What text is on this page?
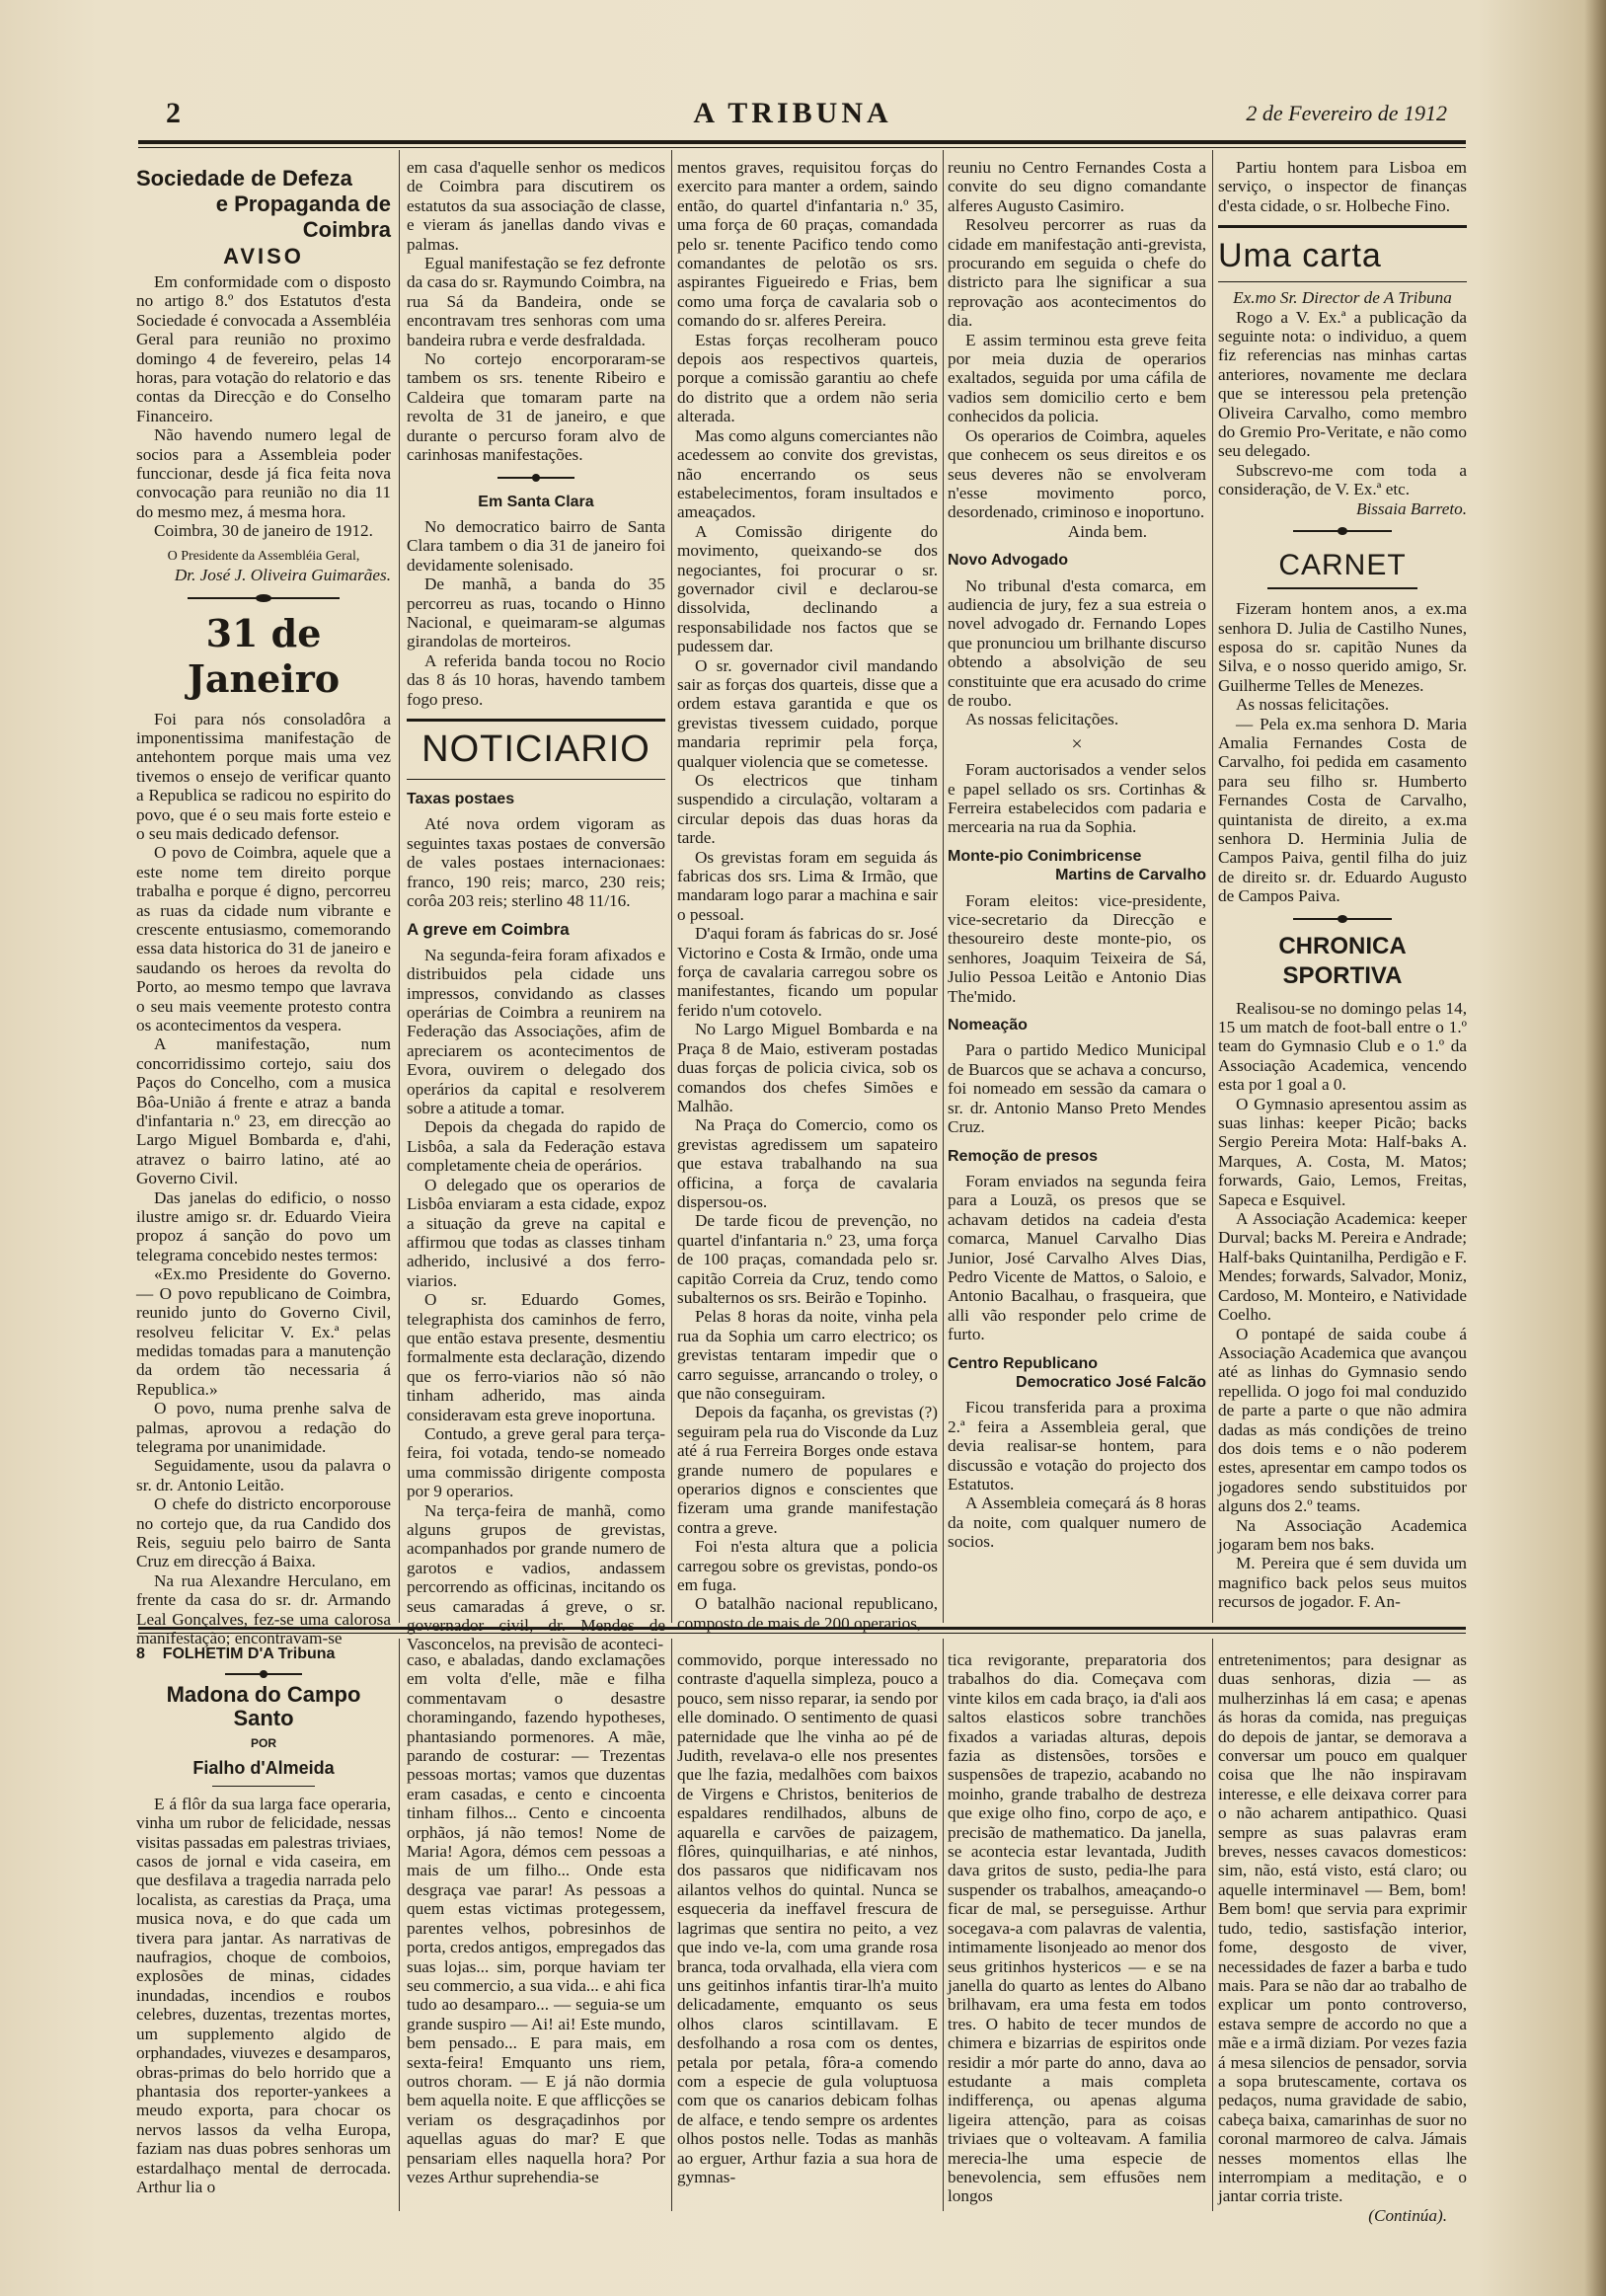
2	A TRIBUNA	2 de Fevereiro de 1912

Sociedade de Defeza

e Propaganda de Coimbra

AVISO

Em conformidade com o disposto no artigo 8.º dos Estatutos d'esta Sociedade é convocada a Assembléia Geral para reunião no proximo domingo 4 de fevereiro, pelas 14 horas, para votação do relatorio e das contas da Direcção e do Conselho Financeiro.

Não havendo numero legal de socios para a Assembleia poder funccionar, desde já fica feita nova convocação para reunião no dia 11 do mesmo mez, á mesma hora.

Coimbra, 30 de janeiro de 1912.

O Presidente da Assembléia Geral,

Dr. José J. Oliveira Guimarães.

31 de Janeiro

Foi para nós consoladôra a imponentissima manifestação de antehontem porque mais uma vez tivemos o ensejo de verificar quanto a Republica se radicou no espirito do povo, que é o seu mais forte esteio e o seu mais dedicado defensor.

O povo de Coimbra, aquele que a este nome tem direito porque trabalha e porque é digno, percorreu as ruas da cidade num vibrante e crescente entusiasmo, comemorando essa data historica do 31 de janeiro e saudando os heroes da revolta do Porto, ao mesmo tempo que lavrava o seu mais veemente protesto contra os acontecimentos da vespera.

A manifestação, num concorridissimo cortejo, saiu dos Paços do Concelho, com a musica Bôa-União á frente e atraz a banda d'infantaria n.º 23, em direcção ao Largo Miguel Bombarda e, d'ahi, atravez o bairro latino, até ao Governo Civil.

Das janelas do edificio, o nosso ilustre amigo sr. dr. Eduardo Vieira propoz á sanção do povo um telegrama concebido nestes termos:

«Ex.mo Presidente do Governo. — O povo republicano de Coimbra, reunido junto do Governo Civil, resolveu felicitar V. Ex.ª pelas medidas tomadas para a manutenção da ordem tão necessaria á Republica.»

O povo, numa prenhe salva de palmas, aprovou a redação do telegrama por unanimidade.

Seguidamente, usou da palavra o sr. dr. Antonio Leitão.

O chefe do districto encorporouse no cortejo que, da rua Candido dos Reis, seguiu pelo bairro de Santa Cruz em direcção á Baixa.

Na rua Alexandre Herculano, em frente da casa do sr. dr. Armando Leal Gonçalves, fez-se uma calorosa manifestação; encontravam-se

em casa d'aquelle senhor os medicos de Coimbra para discutirem os estatutos da sua associação de classe, e vieram ás janellas dando vivas e palmas.

Egual manifestação se fez defronte da casa do sr. Raymundo Coimbra, na rua Sá da Bandeira, onde se encontravam tres senhoras com uma bandeira rubra e verde desfraldada.

No cortejo encorporaram-se tambem os srs. tenente Ribeiro e Caldeira que tomaram parte na revolta de 31 de janeiro, e que durante o percurso foram alvo de carinhosas manifestações.

Em Santa Clara

No democratico bairro de Santa Clara tambem o dia 31 de janeiro foi devidamente solenisado.

De manhã, a banda do 35 percorreu as ruas, tocando o Hinno Nacional, e queimaram-se algumas girandolas de morteiros.

A referida banda tocou no Rocio das 8 ás 10 horas, havendo tambem fogo preso.

NOTICIARIO

Taxas postaes

Até nova ordem vigoram as seguintes taxas postaes de conversão de vales postaes internacionaes: franco, 190 reis; marco, 230 reis; corôa 203 reis; sterlino 48 11/16.

A greve em Coimbra

Na segunda-feira foram afixados e distribuidos pela cidade uns impressos, convidando as classes operárias de Coimbra a reunirem na Federação das Associações, afim de apreciarem os acontecimentos de Evora, ouvirem o delegado dos operários da capital e resolverem sobre a atitude a tomar.

Depois da chegada do rapido de Lisbôa, a sala da Federação estava completamente cheia de operários.

O delegado que os operarios de Lisbôa enviaram a esta cidade, expoz a situação da greve na capital e affirmou que todas as classes tinham adherido, inclusivé a dos ferro-viarios.

O sr. Eduardo Gomes, telegraphista dos caminhos de ferro, que então estava presente, desmentiu formalmente esta declaração, dizendo que os ferro-viarios não só não tinham adherido, mas ainda consideravam esta greve inoportuna.

Contudo, a greve geral para terça-feira, foi votada, tendo-se nomeado uma commissão dirigente composta por 9 operarios.

Na terça-feira de manhã, como alguns grupos de grevistas, acompanhados por grande numero de garotos e vadios, andassem percorrendo as officinas, incitando os seus camaradas á greve, o sr. governador civil, dr. Mendes de Vasconcelos, na previsão de aconteci-

mentos graves, requisitou forças do exercito para manter a ordem, saindo então, do quartel d'infantaria n.º 35, uma força de 60 praças, comandada pelo sr. tenente Pacifico tendo como comandantes de pelotão os srs. aspirantes Figueiredo e Frias, bem como uma força de cavalaria sob o comando do sr. alferes Pereira.

Estas forças recolheram pouco depois aos respectivos quarteis, porque a comissão garantiu ao chefe do distrito que a ordem não seria alterada.

Mas como alguns comerciantes não acedessem ao convite dos grevistas, não encerrando os seus estabelecimentos, foram insultados e ameaçados.

A Comissão dirigente do movimento, queixando-se dos negociantes, foi procurar o sr. governador civil e declarou-se dissolvida, declinando a responsabilidade nos factos que se pudessem dar.

O sr. governador civil mandando sair as forças dos quarteis, disse que a ordem estava garantida e que os grevistas tivessem cuidado, porque mandaria reprimir pela força, qualquer violencia que se cometesse.

Os electricos que tinham suspendido a circulação, voltaram a circular depois das duas horas da tarde.

Os grevistas foram em seguida ás fabricas dos srs. Lima & Irmão, que mandaram logo parar a machina e sair o pessoal.

D'aqui foram ás fabricas do sr. José Victorino e Costa & Irmão, onde uma força de cavalaria carregou sobre os manifestantes, ficando um popular ferido n'um cotovelo.

No Largo Miguel Bombarda e na Praça 8 de Maio, estiveram postadas duas forças de policia civica, sob os comandos dos chefes Simões e Malhão.

Na Praça do Comercio, como os grevistas agredissem um sapateiro que estava trabalhando na sua officina, a força de cavalaria dispersou-os.

De tarde ficou de prevenção, no quartel d'infantaria n.º 23, uma força de 100 praças, comandada pelo sr. capitão Correia da Cruz, tendo como subalternos os srs. Beirão e Topinho.

Pelas 8 horas da noite, vinha pela rua da Sophia um carro electrico; os grevistas tentaram impedir que o carro seguisse, arrancando o troley, o que não conseguiram.

Depois da façanha, os grevistas (?) seguiram pela rua do Visconde da Luz até á rua Ferreira Borges onde estava grande numero de populares e operarios dignos e conscientes que fizeram uma grande manifestação contra a greve.

Foi n'esta altura que a policia carregou sobre os grevistas, pondo-os em fuga.

O batalhão nacional republicano, composto de mais de 200 operarios,

reuniu no Centro Fernandes Costa a convite do seu digno comandante alferes Augusto Casimiro.

Resolveu percorrer as ruas da cidade em manifestação anti-grevista, procurando em seguida o chefe do districto para lhe significar a sua reprovação aos acontecimentos do dia.

E assim terminou esta greve feita por meia duzia de operarios exaltados, seguida por uma cáfila de vadios sem domicilio certo e bem conhecidos da policia.

Os operarios de Coimbra, aqueles que conhecem os seus direitos e os seus deveres não se envolveram n'esse movimento porco, desordenado, criminoso e inoportuno.

Ainda bem.

Novo Advogado

No tribunal d'esta comarca, em audiencia de jury, fez a sua estreia o novel advogado dr. Fernando Lopes que pronunciou um brilhante discurso obtendo a absolvição de seu constituinte que era acusado do crime de roubo.

As nossas felicitações.

×

Foram auctorisados a vender selos e papel sellado os srs. Cortinhas & Ferreira estabelecidos com padaria e mercearia na rua da Sophia.

Monte-pio Conimbricense

Martins de Carvalho

Foram eleitos: vice-presidente, vice-secretario da Direcção e thesoureiro deste monte-pio, os senhores, Joaquim Teixeira de Sá, Julio Pessoa Leitão e Antonio Dias The'mido.

Nomeação

Para o partido Medico Municipal de Buarcos que se achava a concurso, foi nomeado em sessão da camara o sr. dr. Antonio Manso Preto Mendes Cruz.

Remoção de presos

Foram enviados na segunda feira para a Louzã, os presos que se achavam detidos na cadeia d'esta comarca, Manuel Carvalho Dias Junior, José Carvalho Alves Dias, Pedro Vicente de Mattos, o Saloio, e Antonio Bacalhau, o frasqueira, que alli vão responder pelo crime de furto.

Centro Republicano

Democratico José Falcão

Ficou transferida para a proxima 2.ª feira a Assembleia geral, que devia realisar-se hontem, para discussão e votação do projecto dos Estatutos.

A Assembleia começará ás 8 horas da noite, com qualquer numero de socios.

Partiu hontem para Lisboa em serviço, o inspector de finanças d'esta cidade, o sr. Holbeche Fino.

Uma carta

Ex.mo Sr. Director de A Tribuna

Rogo a V. Ex.ª a publicação da seguinte nota: o individuo, a quem fiz referencias nas minhas cartas anteriores, novamente me declara que se interessou pela pretenção Oliveira Carvalho, como membro do Gremio Pro-Veritate, e não como seu delegado.

Subscrevo-me com toda a consideração, de V. Ex.ª etc.

Bissaia Barreto.

CARNET

Fizeram hontem anos, a ex.ma senhora D. Julia de Castilho Nunes, esposa do sr. capitão Nunes da Silva, e o nosso querido amigo, Sr. Guilherme Telles de Menezes.

As nossas felicitações.

— Pela ex.ma senhora D. Maria Amalia Fernandes Costa de Carvalho, foi pedida em casamento para seu filho sr. Humberto Fernandes Costa de Carvalho, quintanista de direito, a ex.ma senhora D. Herminia Julia de Campos Paiva, gentil filha do juiz de direito sr. dr. Eduardo Augusto de Campos Paiva.

CHRONICA SPORTIVA

Realisou-se no domingo pelas 14, 15 um match de foot-ball entre o 1.º team do Gymnasio Club e o 1.º da Associação Academica, vencendo esta por 1 goal a 0.

O Gymnasio apresentou assim as suas linhas: keeper Picão; backs Sergio Pereira Mota: Half-baks A. Marques, A. Costa, M. Matos; forwards, Gaio, Lemos, Freitas, Sapeca e Esquivel.

A Associação Academica: keeper Durval; backs M. Pereira e Andrade; Half-baks Quintanilha, Perdigão e F. Mendes; forwards, Salvador, Moniz, Cardoso, M. Monteiro, e Natividade Coelho.

O pontapé de saida coube á Associação Academica que avançou até as linhas do Gymnasio sendo repellida. O jogo foi mal conduzido de parte a parte o que não admira dadas as más condições de treino dos dois tems e o não poderem estes, apresentar em campo todos os jogadores sendo substituidos por alguns dos 2.º teams.

Na Associação Academica jogaram bem nos baks.

M. Pereira que é sem duvida um magnifico back pelos seus muitos recursos de jogador. F. An-

8 FOLHETIM D'A Tribuna

Madona do Campo Santo

POR

Fialho d'Almeida

E á flôr da sua larga face operaria, vinha um rubor de felicidade, nessas visitas passadas em palestras triviaes, casos de jornal e vida caseira, em que desfilava a tragedia narrada pelo localista, as carestias da Praça, uma musica nova, e do que cada um tivera para jantar. As narrativas de naufragios, choque de comboios, explosões de minas, cidades inundadas, incendios e roubos celebres, duzentas, trezentas mortes, um supplemento algido de orphandades, viuvezes e desamparos, obras-primas do belo horrido que a phantasia dos reporter-yankees a meudo exporta, para chocar os nervos lassos da velha Europa, faziam nas duas pobres senhoras um estardalhaço mental de derrocada. Arthur lia o

caso, e abaladas, dando exclamações em volta d'elle, mãe e filha commentavam o desastre choramingando, fazendo hypotheses, phantasiando pormenores. A mãe, parando de costurar: — Trezentas pessoas mortas; vamos que duzentas eram casadas, e cento e cincoenta tinham filhos... Cento e cincoenta orphãos, já não temos! Nome de Maria! Agora, démos cem pessoas a mais de um filho... Onde esta desgraça vae parar! As pessoas a quem estas victimas protegessem, parentes velhos, pobresinhos de porta, credos antigos, empregados das suas lojas... sim, porque haviam ter seu commercio, a sua vida... e ahi fica tudo ao desamparo... — seguia-se um grande suspiro — Ai! ai! Este mundo, bem pensado... E para mais, em sexta-feira! Emquanto uns riem, outros choram. — E já não dormia bem aquella noite. E que afflicções se veriam os desgraçadinhos por aquellas aguas do mar? E que pensariam elles naquella hora? Por vezes Arthur suprehendia-se

commovido, porque interessado no contraste d'aquella simpleza, pouco a pouco, sem nisso reparar, ia sendo por elle dominado. O sentimento de quasi paternidade que lhe vinha ao pé de Judith, revelava-o elle nos presentes que lhe fazia, medalhões com baixos de Virgens e Christos, beniterios de espaldares rendilhados, albuns de aquarella e carvões de paizagem, flôres, quinquilharias, e até ninhos, dos passaros que nidificavam nos ailantos velhos do quintal. Nunca se esqueceria da ineffavel frescura de lagrimas que sentira no peito, a vez que indo ve-la, com uma grande rosa branca, toda orvalhada, ella viera com uns geitinhos infantis tirar-lh'a muito delicadamente, emquanto os seus olhos claros scintillavam. E desfolhando a rosa com os dentes, petala por petala, fôra-a comendo com a especie de gula voluptuosa com que os canarios debicam folhas de alface, e tendo sempre os ardentes olhos postos nelle. Todas as manhãs ao erguer, Arthur fazia a sua hora de gymnas-

tica revigorante, preparatoria dos trabalhos do dia. Começava com vinte kilos em cada braço, ia d'ali aos saltos elasticos sobre tranchões fixados a variadas alturas, depois fazia as distensões, torsões e suspensões de trapezio, acabando no moinho, grande trabalho de destreza que exige olho fino, corpo de aço, e precisão de mathematico. Da janella, se acontecia estar levantada, Judith dava gritos de susto, pedia-lhe para suspender os trabalhos, ameaçando-o ficar de mal, se perseguisse. Arthur socegava-a com palavras de valentia, intimamente lisonjeado ao menor dos seus gritinhos hystericos — e se na janella do quarto as lentes do Albano brilhavam, era uma festa em todos tres. O habito de tecer mundos de chimera e bizarrias de espiritos onde residir a mór parte do anno, dava ao estudante a mais completa indifferença, ou apenas alguma ligeira attenção, para as coisas triviaes que o volteavam. A familia merecia-lhe uma especie de benevolencia, sem effusões nem longos

entretenimentos; para designar as duas senhoras, dizia — as mulherzinhas lá em casa; e apenas ás horas da comida, nas preguiças do depois de jantar, se demorava a conversar um pouco em qualquer coisa que lhe não inspiravam interesse, e elle deixava correr para o não acharem antipathico. Quasi sempre as suas palavras eram breves, nesses cavacos domesticos: sim, não, está visto, está claro; ou aquelle interminavel — Bem, bom! Bem bom! que servia para exprimir tudo, tedio, sastisfação interior, fome, desgosto de viver, necessidades de fazer a barba e tudo mais. Para se não dar ao trabalho de explicar um ponto controverso, estava sempre de accordo no que a mãe e a irmã diziam. Por vezes fazia á mesa silencios de pensador, sorvia a sopa brutescamente, cortava os pedaços, numa gravidade de sabio, cabeça baixa, camarinhas de suor no coronal marmoreo de calva. Jámais nesses momentos ellas lhe interrompiam a meditação, e o jantar corria triste.

(Continúa).
